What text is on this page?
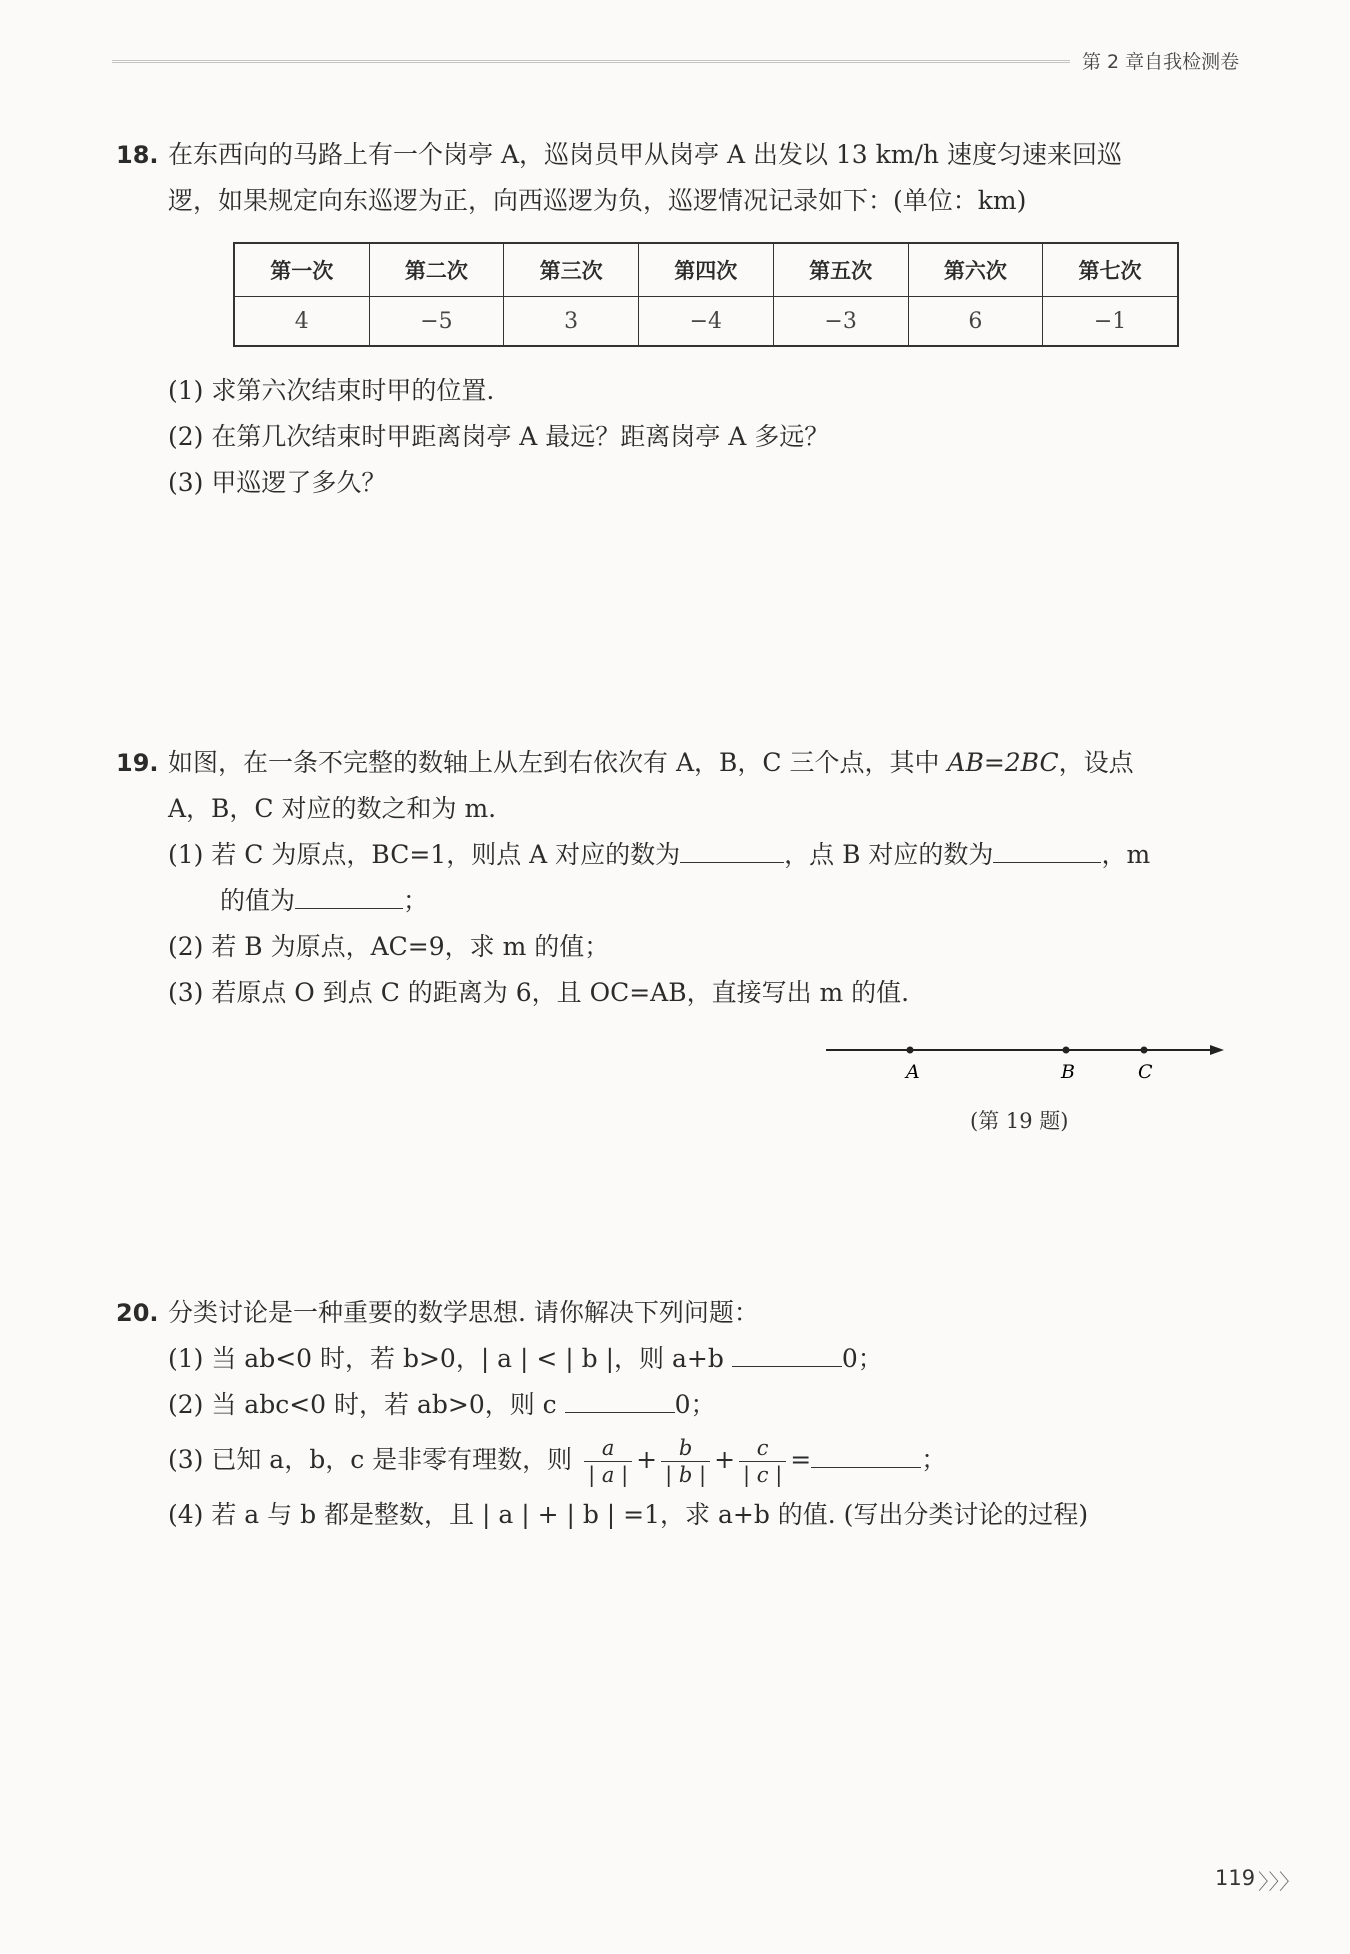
第 2 章自我检测卷
18. 在东西向的马路上有一个岗亭 A，巡岗员甲从岗亭 A 出发以 13 km/h 速度匀速来回巡
逻，如果规定向东巡逻为正，向西巡逻为负，巡逻情况记录如下：(单位：km)
第一次	第二次	第三次	第四次	第五次	第六次	第七次
4	−5	3	−4	−3	6	−1
(1) 求第六次结束时甲的位置.
(2) 在第几次结束时甲距离岗亭 A 最远？距离岗亭 A 多远？
(3) 甲巡逻了多久？
19. 如图，在一条不完整的数轴上从左到右依次有 A，B，C 三个点，其中 AB=2BC，设点
A，B，C 对应的数之和为 m.
(1) 若 C 为原点，BC=1，则点 A 对应的数为	，点 B 对应的数为	，m
的值为	；
(2) 若 B 为原点，AC=9，求 m 的值；
(3) 若原点 O 到点 C 的距离为 6，且 OC=AB，直接写出 m 的值.
A	B	C
(第 19 题)
20. 分类讨论是一种重要的数学思想. 请你解决下列问题：
(1) 当 ab<0 时，若 b>0，| a | < | b |，则 a+b	0；
(2) 当 abc<0 时，若 ab>0，则 c	0；
(3) 已知 a，b，c 是非零有理数，则 $\frac{a}{| a |} + \frac{b}{| b |} + \frac{c}{| c |}$ =	；
(4) 若 a 与 b 都是整数，且 | a | + | b | =1，求 a+b 的值. (写出分类讨论的过程)
119 〉〉〉
